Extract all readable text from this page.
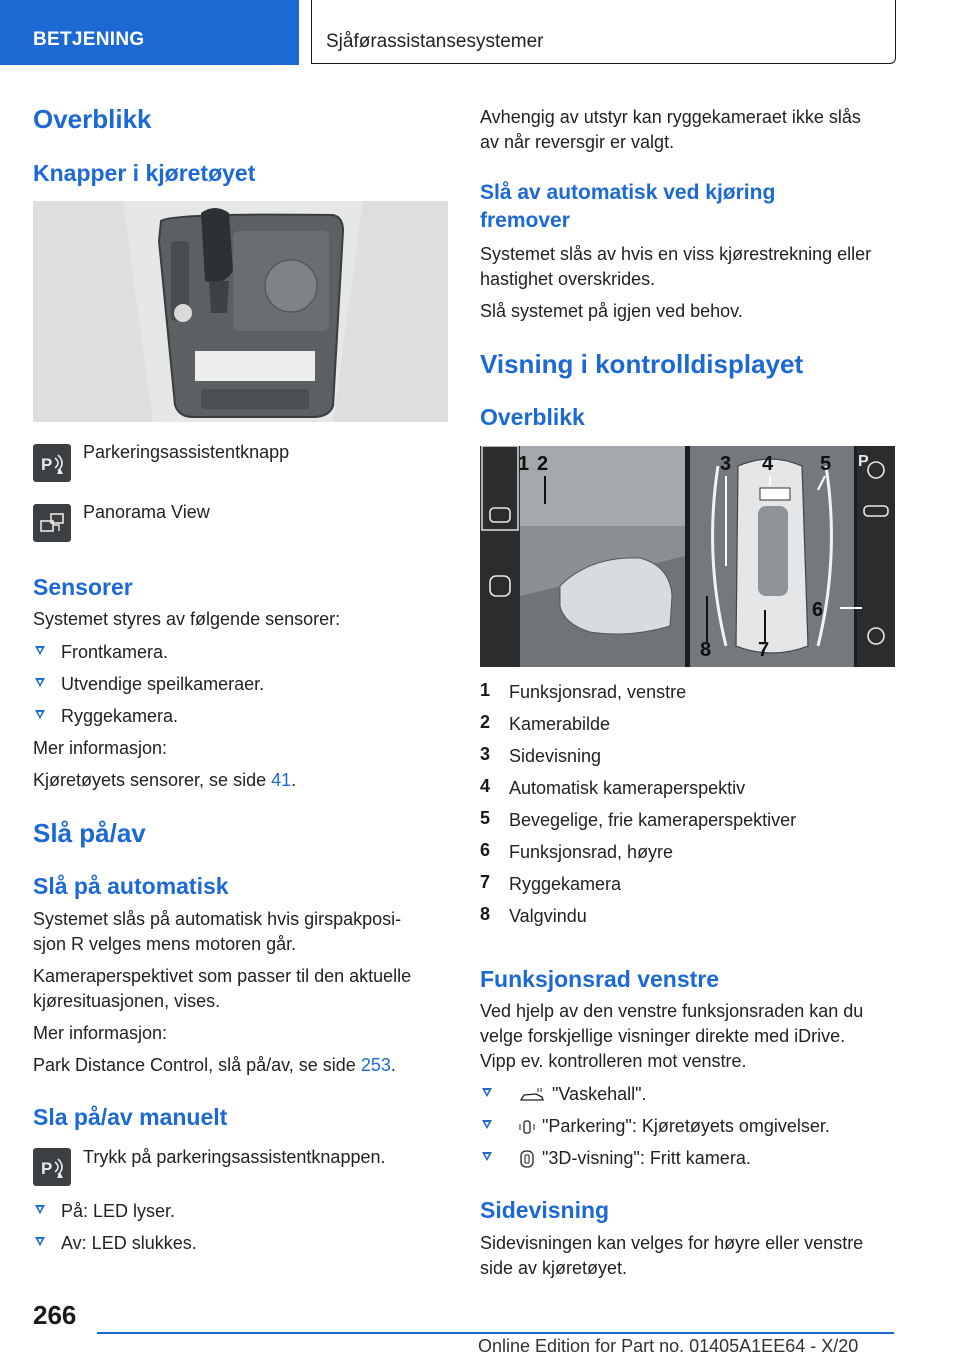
BETJENING	Sjåførassistansesystemer
Overblikk
Knapper i kjøretøyet
P
Parkeringsassistentknapp
Panorama View
Sensorer
Systemet styres av følgende sensorer:
Frontkamera.
Utvendige speilkameraer.
Ryggekamera.
Mer informasjon:
Kjøretøyets sensorer, se side 41.
Slå på/av
Slå på automatisk
Systemet slås på automatisk hvis girspakposi-
sjon R velges mens motoren går.
Kameraperspektivet som passer til den aktuelle
kjøresituasjonen, vises.
Mer informasjon:
Park Distance Control, slå på/av, se side 253.
Sla på/av manuelt
P
Trykk på parkeringsassistentknappen.
På: LED lyser.
Av: LED slukkes.
Avhengig av utstyr kan ryggekameraet ikke slås
av når reversgir er valgt.
Slå av automatisk ved kjøring
fremover
Systemet slås av hvis en viss kjørestrekning eller
hastighet overskrides.
Slå systemet på igjen ved behov.
Visning i kontrolldisplayet
Overblikk
1 2	3 4 5
6
7
8
P
1 Funksjonsrad, venstre
2 Kamerabilde
3 Sidevisning
4 Automatisk kameraperspektiv
5 Bevegelige, frie kameraperspektiver
6 Funksjonsrad, høyre
7 Ryggekamera
8 Valgvindu
Funksjonsrad venstre
Ved hjelp av den venstre funksjonsraden kan du
velge forskjellige visninger direkte med iDrive.
Vipp ev. kontrolleren mot venstre.
"Vaskehall".
"Parkering": Kjøretøyets omgivelser.
"3D-visning": Fritt kamera.
Sidevisning
Sidevisningen kan velges for høyre eller venstre
side av kjøretøyet.
266
Online Edition for Part no. 01405A1EE64 - X/20
